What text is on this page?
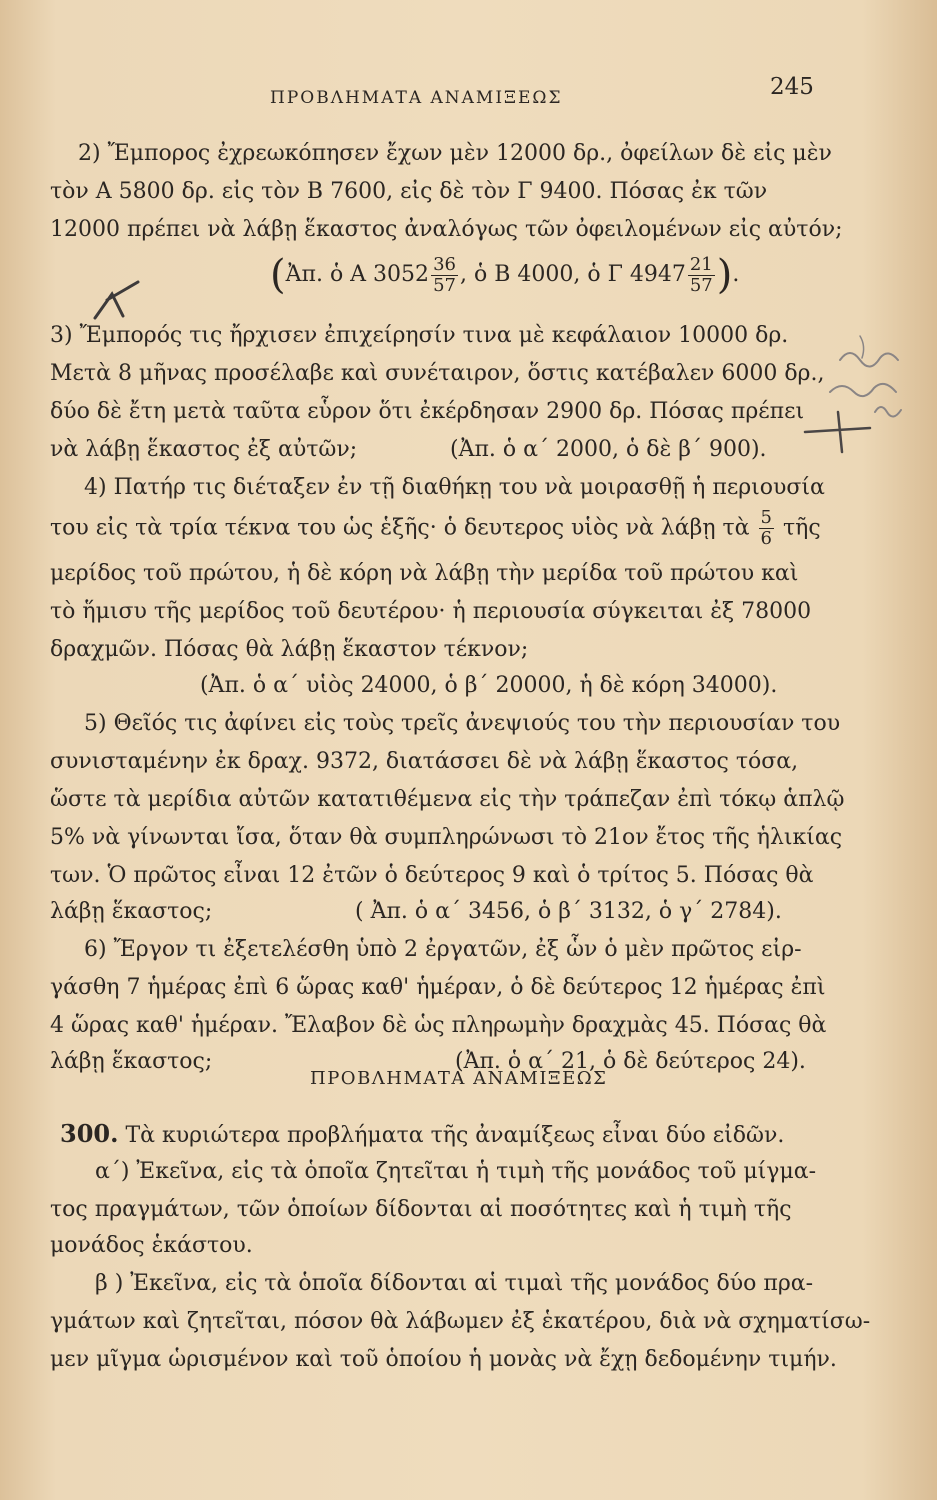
ΠΡΟΒΛΗΜΑΤΑ ΑΝΑΜΙΞΕΩΣ	245
2) Ἔμπορος ἐχρεωκόπησεν ἔχων μὲν 12000 δρ., ὀφείλων δὲ εἰς μὲν
τὸν Α 5800 δρ. εἰς τὸν Β 7600, εἰς δὲ τὸν Γ 9400. Πόσας ἐκ τῶν
12000 πρέπει νὰ λάβῃ ἕκαστος ἀναλόγως τῶν ὀφειλομένων εἰς αὐτόν;
(Ἀπ. ὁ Α $3052 \frac{36}{57}$ , ὁ Β 4000, ὁ Γ $4947 \frac{21}{57}$ ).
3) Ἔμπορός τις ἤρχισεν ἐπιχείρησίν τινα μὲ κεφάλαιον 10000 δρ.
Μετὰ 8 μῆνας προσέλαβε καὶ συνέταιρον, ὅστις κατέβαλεν 6000 δρ.,
δύο δὲ ἔτη μετὰ ταῦτα εὗρον ὅτι ἐκέρδησαν 2900 δρ. Πόσας πρέπει
νὰ λάβῃ ἕκαστος ἐξ αὐτῶν;	(Ἀπ. ὁ α΄ 2000, ὁ δὲ β΄ 900).
4) Πατήρ τις διέταξεν ἐν τῇ διαθήκῃ του νὰ μοιρασθῇ ἡ περιουσία
του εἰς τὰ τρία τέκνα του ὡς ἑξῆς· ὁ δευτερος υἱὸς νὰ λάβῃ τὰ $\frac{5}{6}$ τῆς
μερίδος τοῦ πρώτου, ἡ δὲ κόρη νὰ λάβῃ τὴν μερίδα τοῦ πρώτου καὶ
τὸ ἥμισυ τῆς μερίδος τοῦ δευτέρου· ἡ περιουσία σύγκειται ἐξ 78000
δραχμῶν. Πόσας θὰ λάβῃ ἕκαστον τέκνον;
(Ἀπ. ὁ α΄ υἱὸς 24000, ὁ β΄ 20000, ἡ δὲ κόρη 34000).
5) Θεῖός τις ἀφίνει εἰς τοὺς τρεῖς ἀνεψιούς του τὴν περιουσίαν του
συνισταμένην ἐκ δραχ. 9372, διατάσσει δὲ νὰ λάβῃ ἕκαστος τόσα,
ὥστε τὰ μερίδια αὐτῶν κατατιθέμενα εἰς τὴν τράπεζαν ἐπὶ τόκῳ ἁπλῷ
5% νὰ γίνωνται ἴσα, ὅταν θὰ συμπληρώνωσι τὸ 21ον ἔτος τῆς ἡλικίας
των. Ὁ πρῶτος εἶναι 12 ἐτῶν ὁ δεύτερος 9 καὶ ὁ τρίτος 5. Πόσας θὰ
λάβῃ ἕκαστος;	( Ἀπ. ὁ α΄ 3456, ὁ β΄ 3132, ὁ γ΄ 2784).
6) Ἔργον τι ἐξετελέσθη ὑπὸ 2 ἐργατῶν, ἐξ ὧν ὁ μὲν πρῶτος εἰρ-
γάσθη 7 ἡμέρας ἐπὶ 6 ὥρας καθ' ἡμέραν, ὁ δὲ δεύτερος 12 ἡμέρας ἐπὶ
4 ὥρας καθ' ἡμέραν. Ἔλαβον δὲ ὡς πληρωμὴν δραχμὰς 45. Πόσας θὰ
λάβῃ ἕκαστος;	(Ἀπ. ὁ α΄ 21, ὁ δὲ δεύτερος 24).
ΠΡΟΒΛΗΜΑΤΑ ΑΝΑΜΙΞΕΩΣ
300. Τὰ κυριώτερα προβλήματα τῆς ἀναμίξεως εἶναι δύο εἰδῶν.
α΄) Ἐκεῖνα, εἰς τὰ ὁποῖα ζητεῖται ἡ τιμὴ τῆς μονάδος τοῦ μίγμα-
τος πραγμάτων, τῶν ὁποίων δίδονται αἱ ποσότητες καὶ ἡ τιμὴ τῆς
μονάδος ἑκάστου.
β ) Ἐκεῖνα, εἰς τὰ ὁποῖα δίδονται αἱ τιμαὶ τῆς μονάδος δύο πρα-
γμάτων καὶ ζητεῖται, πόσον θὰ λάβωμεν ἐξ ἑκατέρου, διὰ νὰ σχηματίσω-
μεν μῖγμα ὡρισμένον καὶ τοῦ ὁποίου ἡ μονὰς νὰ ἔχῃ δεδομένην τιμήν.
